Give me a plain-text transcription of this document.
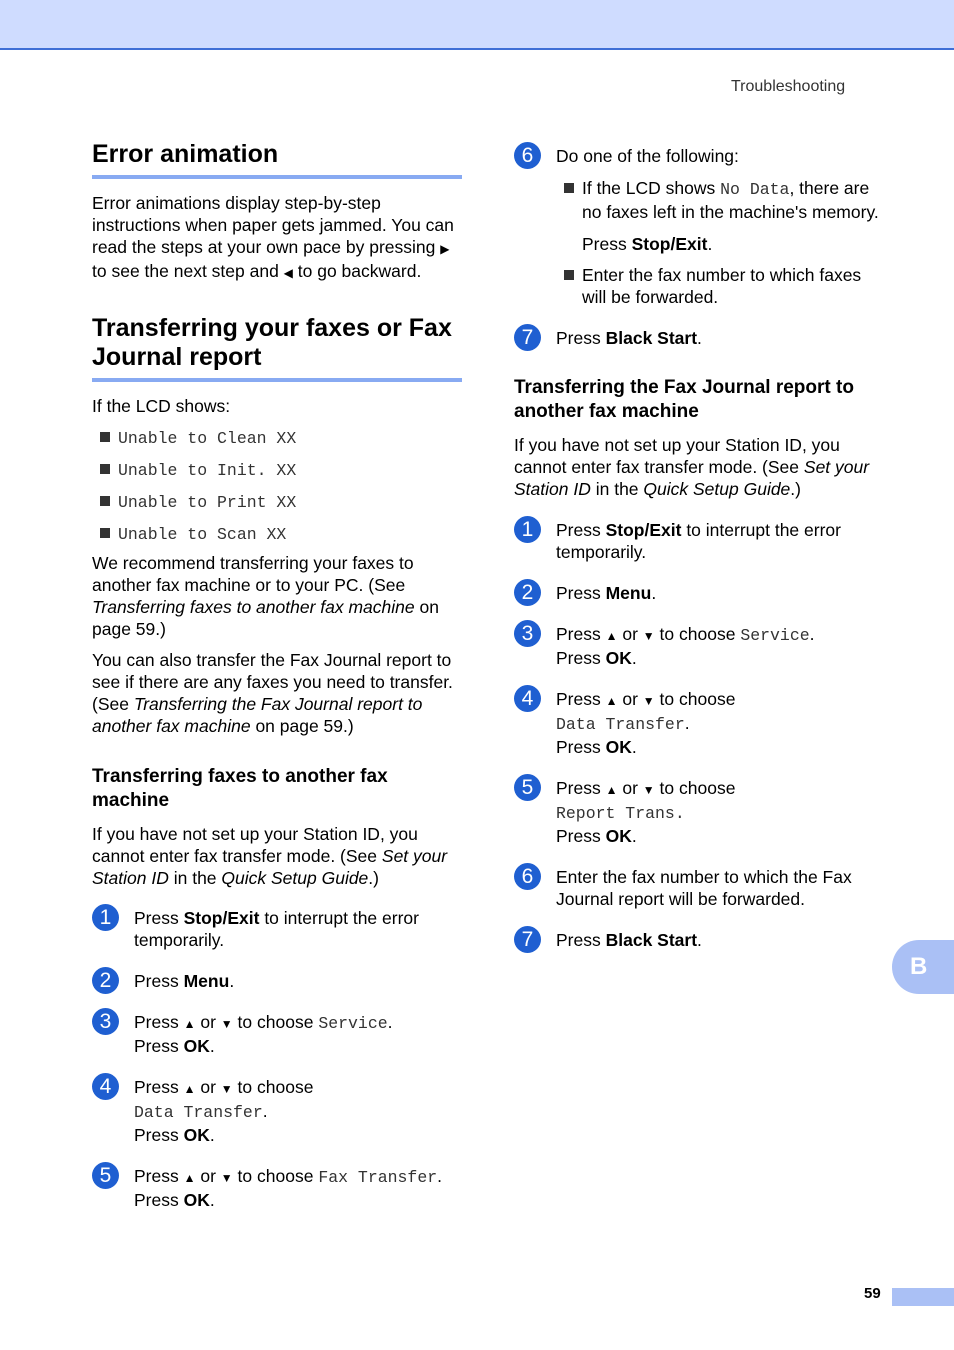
Troubleshooting
Error animation

Error animations display step-by-step instructions when paper gets jammed. You can read the steps at your own pace by pressing ▶ to see the next step and ◀ to go backward.

Transferring your faxes or Fax Journal report

If the LCD shows:

Unable to Clean XX
Unable to Init. XX
Unable to Print XX
Unable to Scan XX

We recommend transferring your faxes to another fax machine or to your PC. (See Transferring faxes to another fax machine on page 59.)

You can also transfer the Fax Journal report to see if there are any faxes you need to transfer. (See Transferring the Fax Journal report to another fax machine on page 59.)

Transferring faxes to another fax machine

If you have not set up your Station ID, you cannot enter fax transfer mode. (See Set your Station ID in the Quick Setup Guide.)

1	Press Stop/Exit to interrupt the error temporarily.
2	Press Menu.
3	Press ▲ or ▼ to choose Service.
Press OK.
4	Press ▲ or ▼ to choose
Data Transfer.
Press OK.
5	Press ▲ or ▼ to choose Fax Transfer.
Press OK.
6	Do one of the following:
If the LCD shows No Data, there are no faxes left in the machine's memory.
Press Stop/Exit.
Enter the fax number to which faxes will be forwarded.
7	Press Black Start.
Transferring the Fax Journal report to another fax machine

If you have not set up your Station ID, you cannot enter fax transfer mode. (See Set your Station ID in the Quick Setup Guide.)

1	Press Stop/Exit to interrupt the error temporarily.
2	Press Menu.
3	Press ▲ or ▼ to choose Service.
Press OK.
4	Press ▲ or ▼ to choose
Data Transfer.
Press OK.
5	Press ▲ or ▼ to choose
Report Trans.
Press OK.
6	Enter the fax number to which the Fax Journal report will be forwarded.
7	Press Black Start.
B
59
